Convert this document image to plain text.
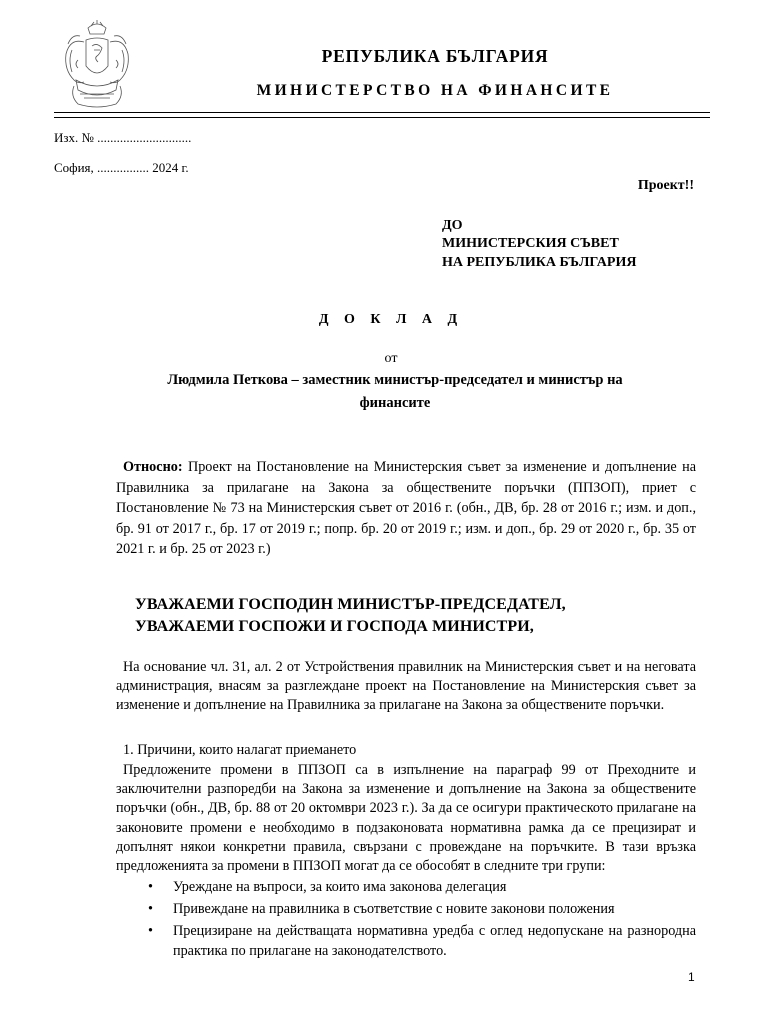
РЕПУБЛИКА БЪЛГАРИЯ
МИНИСТЕРСТВО НА ФИНАНСИТЕ
Изх. № .............................
София, ................ 2024 г.
Проект!!
ДО
МИНИСТЕРСКИЯ СЪВЕТ
НА РЕПУБЛИКА БЪЛГАРИЯ
Д О К Л А Д
от
Людмила Петкова – заместник министър-председател и министър на
финансите
Относно: Проект на Постановление на Министерския съвет за изменение и допълнение на Правилника за прилагане на Закона за обществените поръчки (ППЗОП), приет с Постановление № 73 на Министерския съвет от 2016 г. (обн., ДВ, бр. 28 от 2016 г.; изм. и доп., бр. 91 от 2017 г., бр. 17 от 2019 г.; попр. бр. 20 от 2019 г.; изм. и доп., бр. 29 от 2020 г., бр. 35 от 2021 г. и бр. 25 от 2023 г.)
УВАЖАЕМИ ГОСПОДИН МИНИСТЪР-ПРЕДСЕДАТЕЛ,
УВАЖАЕМИ ГОСПОЖИ И ГОСПОДА МИНИСТРИ,
На основание чл. 31, ал. 2 от Устройствения правилник на Министерския съвет и на неговата администрация, внасям за разглеждане проект на Постановление на Министерския съвет за изменение и допълнение на Правилника за прилагане на Закона за обществените поръчки.
1. Причини, които налагат приемането
Предложените промени в ППЗОП са в изпълнение на параграф 99 от Преходните и заключителни разпоредби на Закона за изменение и допълнение на Закона за обществените поръчки (обн., ДВ, бр. 88 от 20 октомври 2023 г.). За да се осигури практическото прилагане на законовите промени е необходимо в подзаконовата нормативна рамка да се прецизират и допълнят някои конкретни правила, свързани с провеждане на поръчките. В тази връзка предложенията за промени в ППЗОП могат да се обособят в следните три групи:
• Уреждане на въпроси, за които има законова делегация
• Привеждане на правилника в съответствие с новите законови положения
• Прецизиране на действащата нормативна уредба с оглед недопускане на разнородна практика по прилагане на законодателството.
1
